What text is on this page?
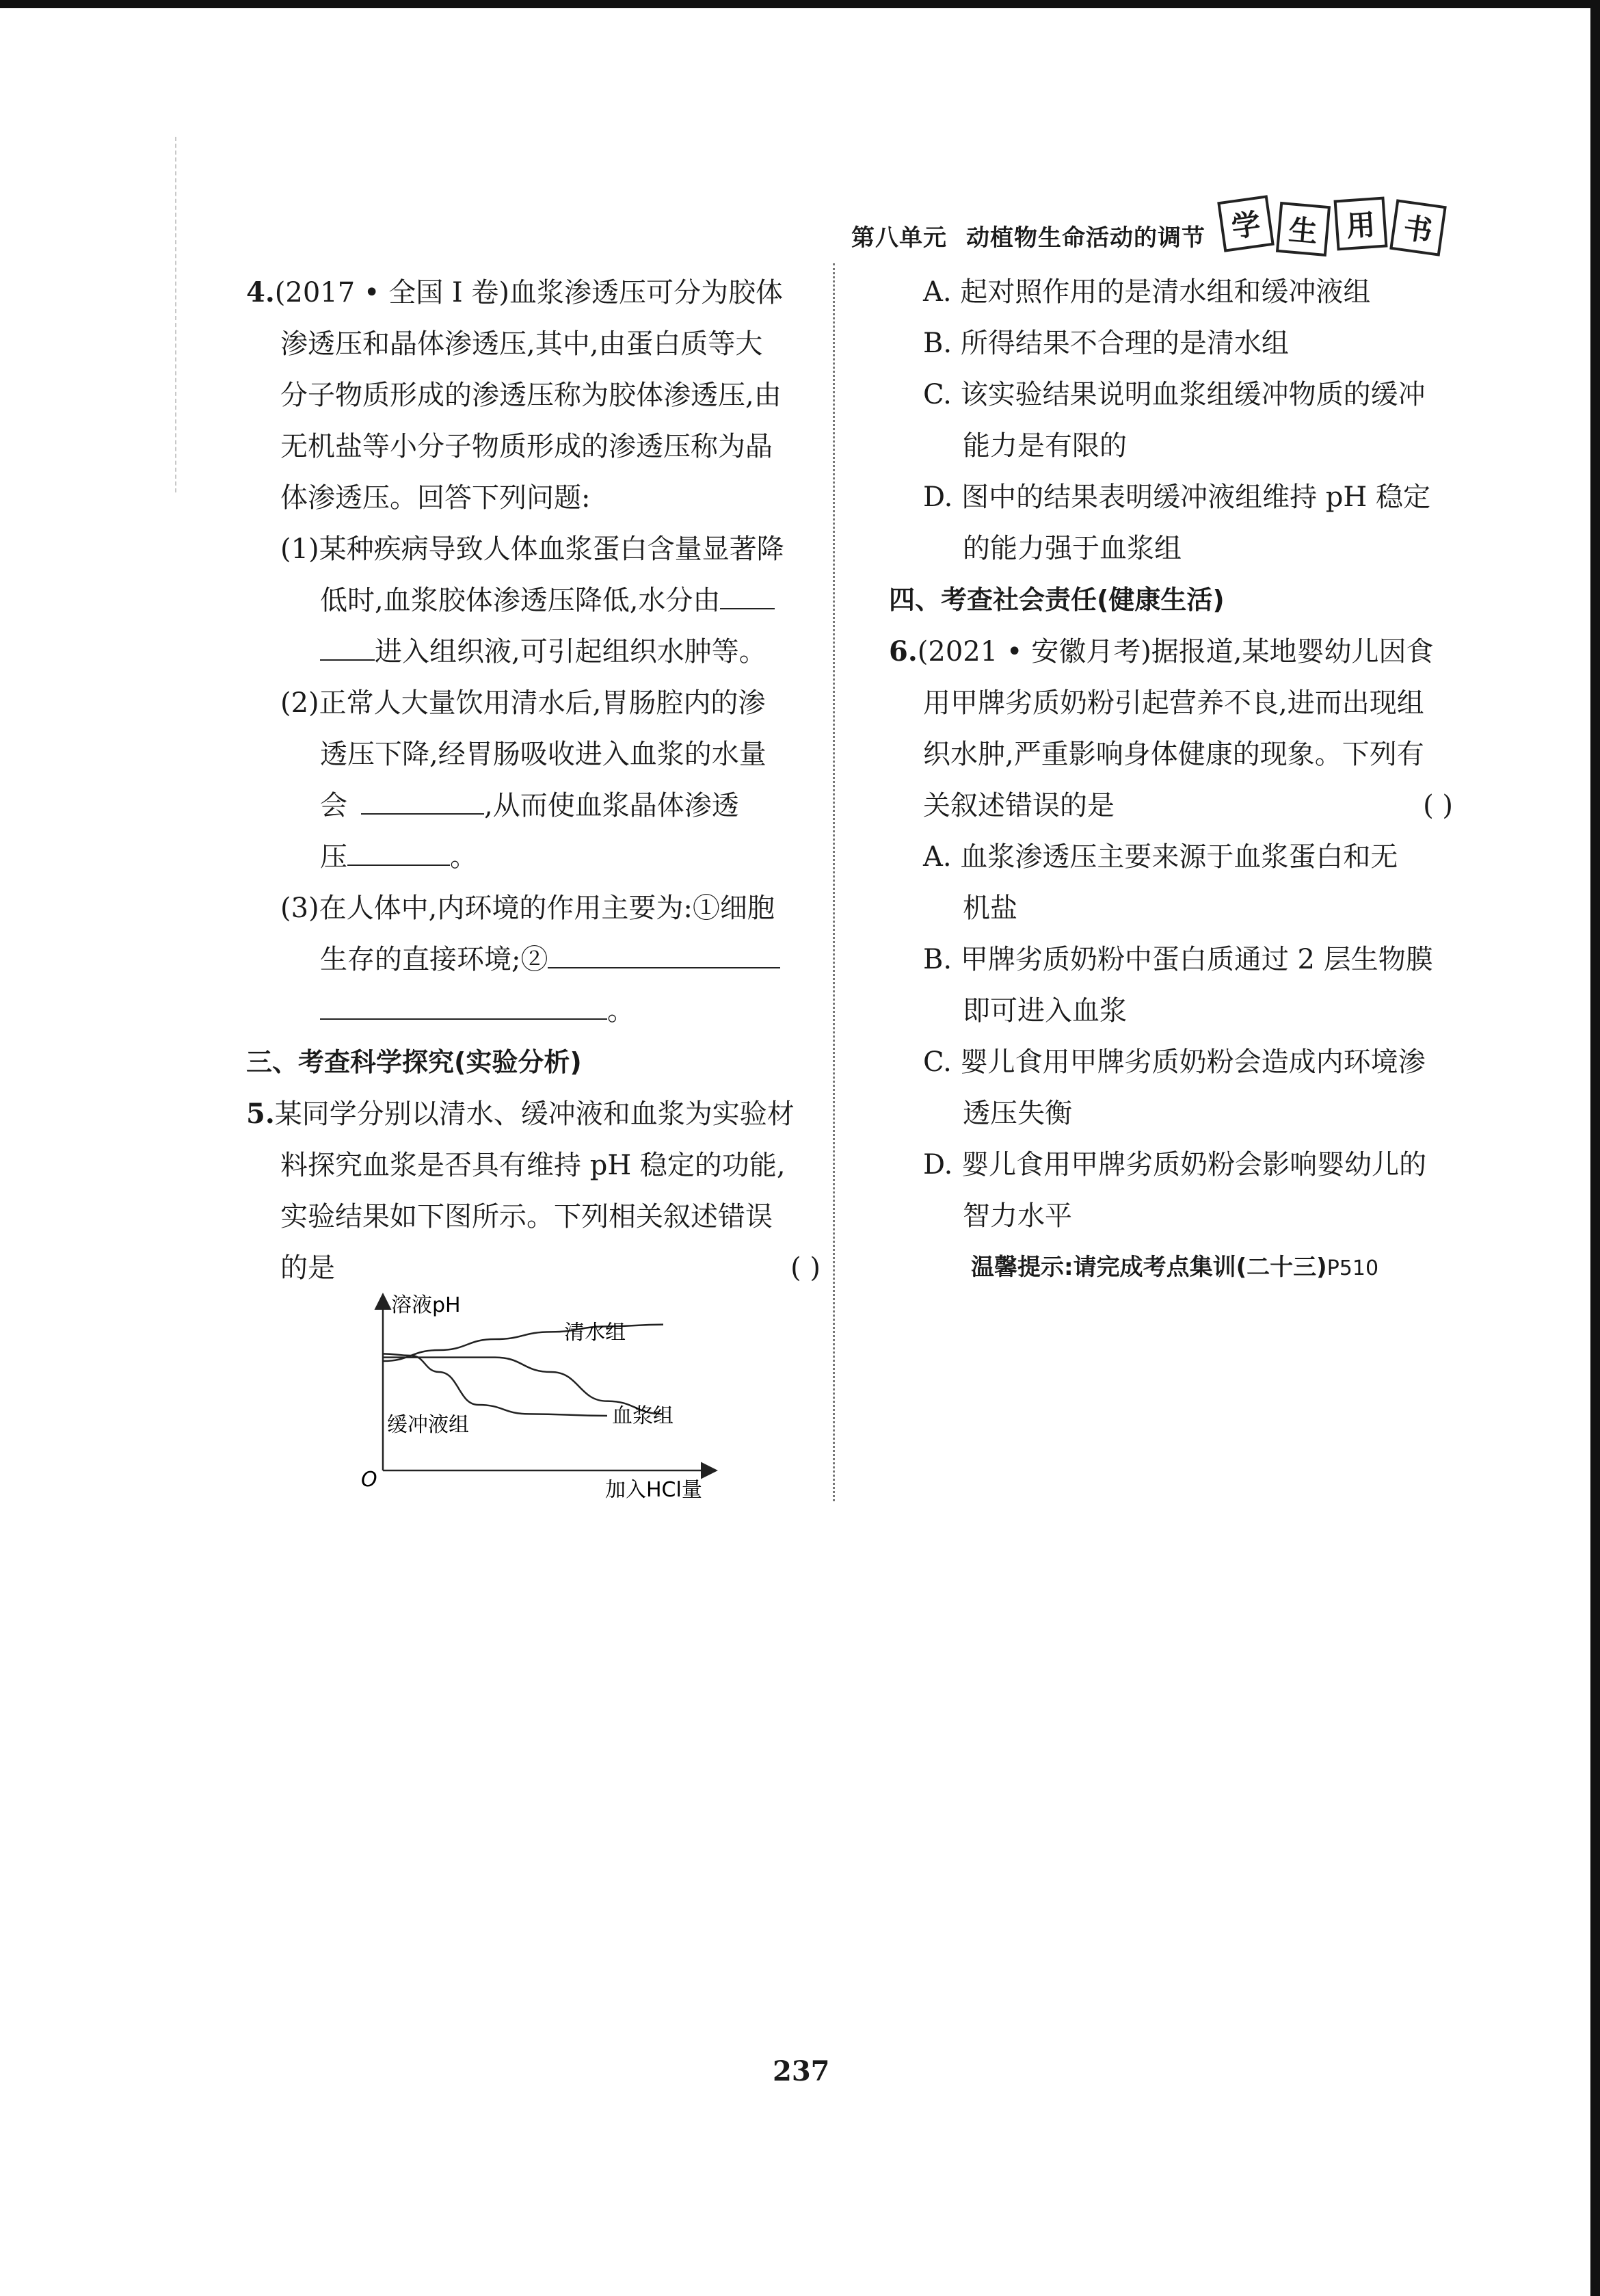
第八单元 动植物生命活动的调节 学 生 用 书
4.(2017 • 全国 Ⅰ 卷)血浆渗透压可分为胶体
渗透压和晶体渗透压,其中,由蛋白质等大
分子物质形成的渗透压称为胶体渗透压,由
无机盐等小分子物质形成的渗透压称为晶
体渗透压。回答下列问题:
(1)某种疾病导致人体血浆蛋白含量显著降
低时,血浆胶体渗透压降低,水分由
进入组织液,可引起组织水肿等。
(2)正常人大量饮用清水后,胃肠腔内的渗
透压下降,经胃肠吸收进入血浆的水量
会	,从而使血浆晶体渗透
压	。
(3)在人体中,内环境的作用主要为:①细胞
生存的直接环境;②
。
三、考查科学探究(实验分析)
5.某同学分别以清水、缓冲液和血浆为实验材
料探究血浆是否具有维持 pH 稳定的功能,
实验结果如下图所示。下列相关叙述错误
的是	( )
溶液pH
加入HCl量
O
清水组
血浆组
缓冲液组
A. 起对照作用的是清水组和缓冲液组
B. 所得结果不合理的是清水组
C. 该实验结果说明血浆组缓冲物质的缓冲
能力是有限的
D. 图中的结果表明缓冲液组维持 pH 稳定
的能力强于血浆组
四、考查社会责任(健康生活)
6.(2021 • 安徽月考)据报道,某地婴幼儿因食
用甲牌劣质奶粉引起营养不良,进而出现组
织水肿,严重影响身体健康的现象。下列有
关叙述错误的是	( )
A. 血浆渗透压主要来源于血浆蛋白和无
机盐
B. 甲牌劣质奶粉中蛋白质通过 2 层生物膜
即可进入血浆
C. 婴儿食用甲牌劣质奶粉会造成内环境渗
透压失衡
D. 婴儿食用甲牌劣质奶粉会影响婴幼儿的
智力水平
温馨提示:请完成考点集训(二十三)P510
237
